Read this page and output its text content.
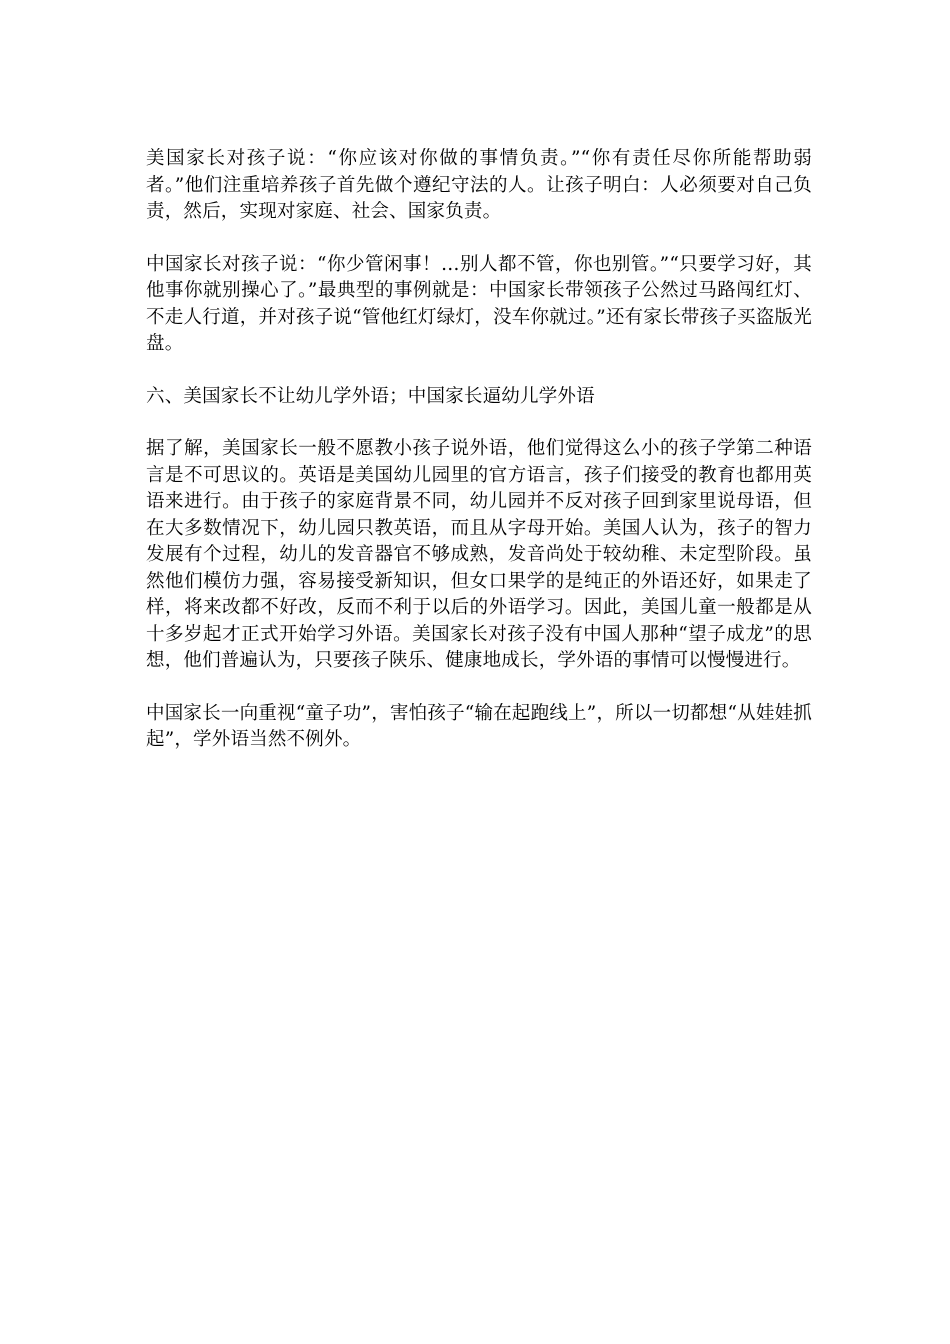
美国家长对孩子说：“你应该对你做的事情负责。”“你有责任尽你所能帮助弱者。”他们注重培养孩子首先做个遵纪守法的人。让孩子明白：人必须要对自己负责，然后，实现对家庭、社会、国家负责。

中国家长对孩子说：“你少管闲事！…别人都不管，你也别管。”“只要学习好，其他事你就别操心了。”最典型的事例就是：中国家长带领孩子公然过马路闯红灯、不走人行道，并对孩子说“管他红灯绿灯，没车你就过。”还有家长带孩子买盗版光盘。

六、美国家长不让幼儿学外语；中国家长逼幼儿学外语

据了解，美国家长一般不愿教小孩子说外语，他们觉得这么小的孩子学第二种语言是不可思议的。英语是美国幼儿园里的官方语言，孩子们接受的教育也都用英语来进行。由于孩子的家庭背景不同，幼儿园并不反对孩子回到家里说母语，但在大多数情况下，幼儿园只教英语，而且从字母开始。美国人认为，孩子的智力发展有个过程，幼儿的发音器官不够成熟，发音尚处于较幼稚、未定型阶段。虽然他们模仿力强，容易接受新知识，但女口果学的是纯正的外语还好，如果走了样，将来改都不好改，反而不利于以后的外语学习。因此，美国儿童一般都是从十多岁起才正式开始学习外语。美国家长对孩子没有中国人那种“望子成龙”的思想，他们普遍认为，只要孩子陕乐、健康地成长，学外语的事情可以慢慢进行。

中国家长一向重视“童子功”，害怕孩子“输在起跑线上”，所以一切都想“从娃娃抓起”，学外语当然不例外。
